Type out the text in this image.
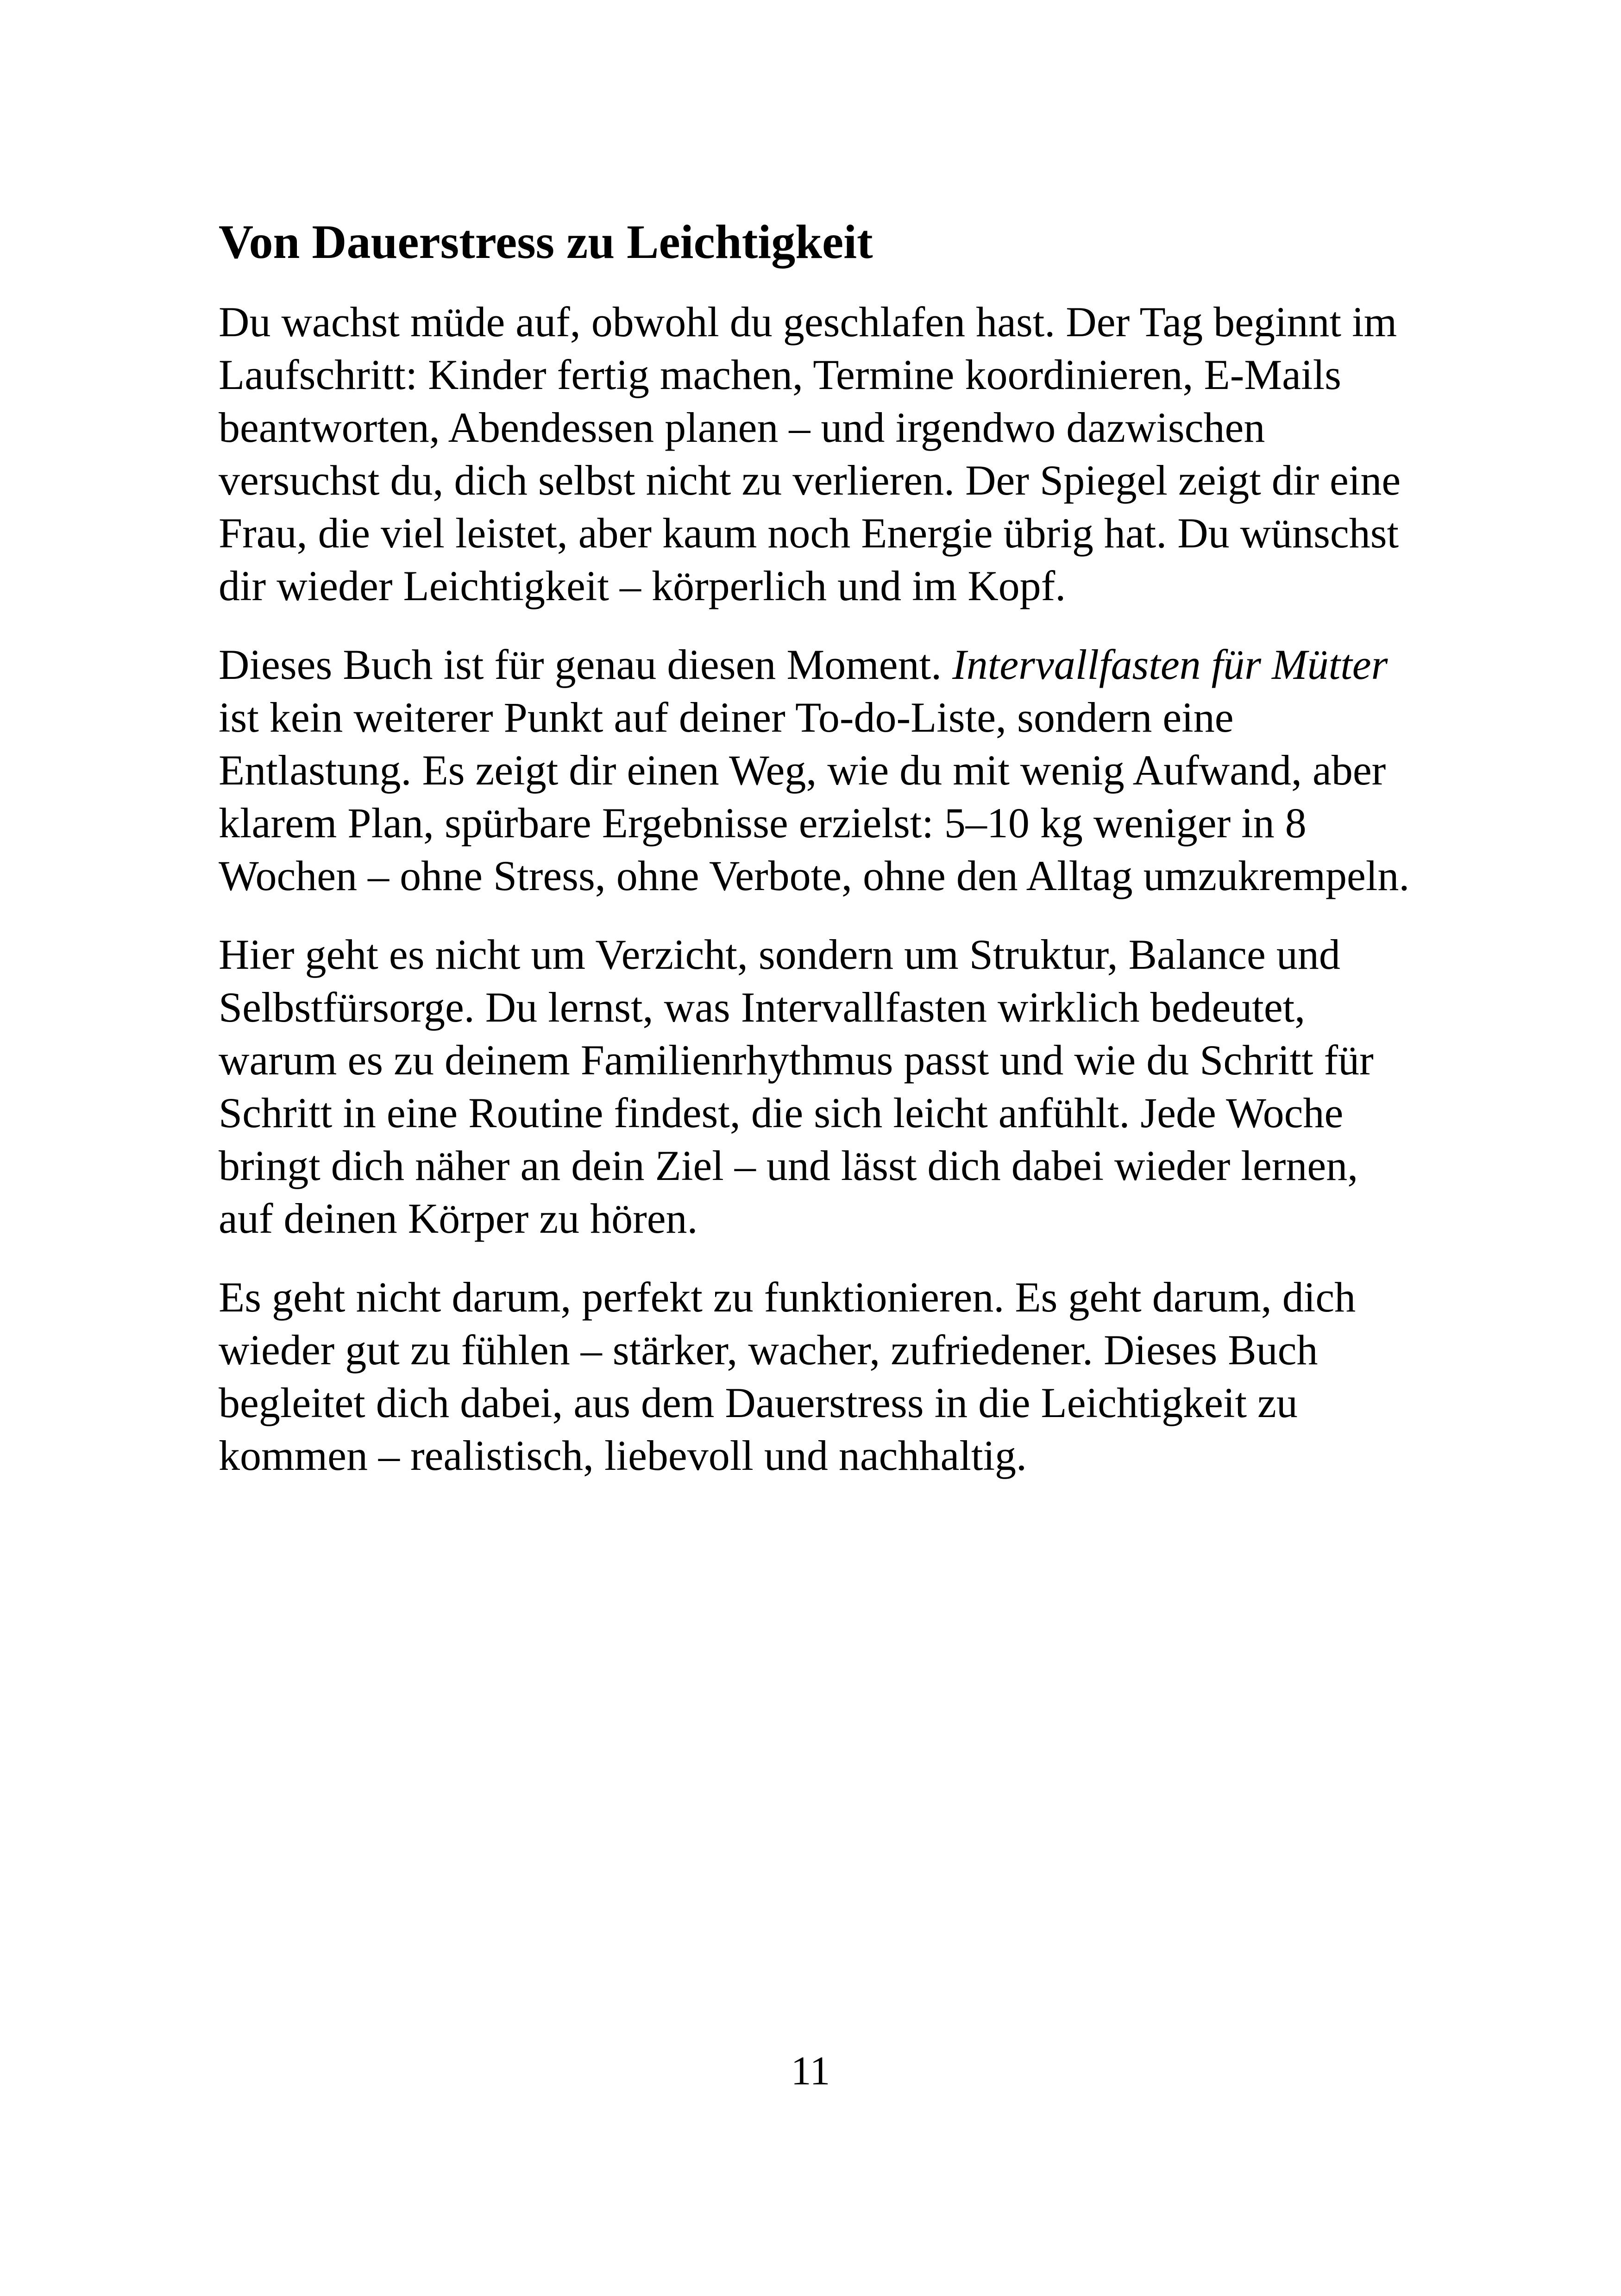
Von Dauerstress zu Leichtigkeit

Du wachst müde auf, obwohl du geschlafen hast. Der Tag beginnt im Laufschritt: Kinder fertig machen, Termine koordinieren, E-Mails beantworten, Abendessen planen – und irgendwo dazwischen versuchst du, dich selbst nicht zu verlieren. Der Spiegel zeigt dir eine Frau, die viel leistet, aber kaum noch Energie übrig hat. Du wünschst dir wieder Leichtigkeit – körperlich und im Kopf.

Dieses Buch ist für genau diesen Moment. Intervallfasten für Mütter ist kein weiterer Punkt auf deiner To-do-Liste, sondern eine Entlastung. Es zeigt dir einen Weg, wie du mit wenig Aufwand, aber klarem Plan, spürbare Ergebnisse erzielst: 5–10 kg weniger in 8 Wochen – ohne Stress, ohne Verbote, ohne den Alltag umzukrempeln.

Hier geht es nicht um Verzicht, sondern um Struktur, Balance und Selbstfürsorge. Du lernst, was Intervallfasten wirklich bedeutet, warum es zu deinem Familienrhythmus passt und wie du Schritt für Schritt in eine Routine findest, die sich leicht anfühlt. Jede Woche bringt dich näher an dein Ziel – und lässt dich dabei wieder lernen, auf deinen Körper zu hören.

Es geht nicht darum, perfekt zu funktionieren. Es geht darum, dich wieder gut zu fühlen – stärker, wacher, zufriedener. Dieses Buch begleitet dich dabei, aus dem Dauerstress in die Leichtigkeit zu kommen – realistisch, liebevoll und nachhaltig.

11
